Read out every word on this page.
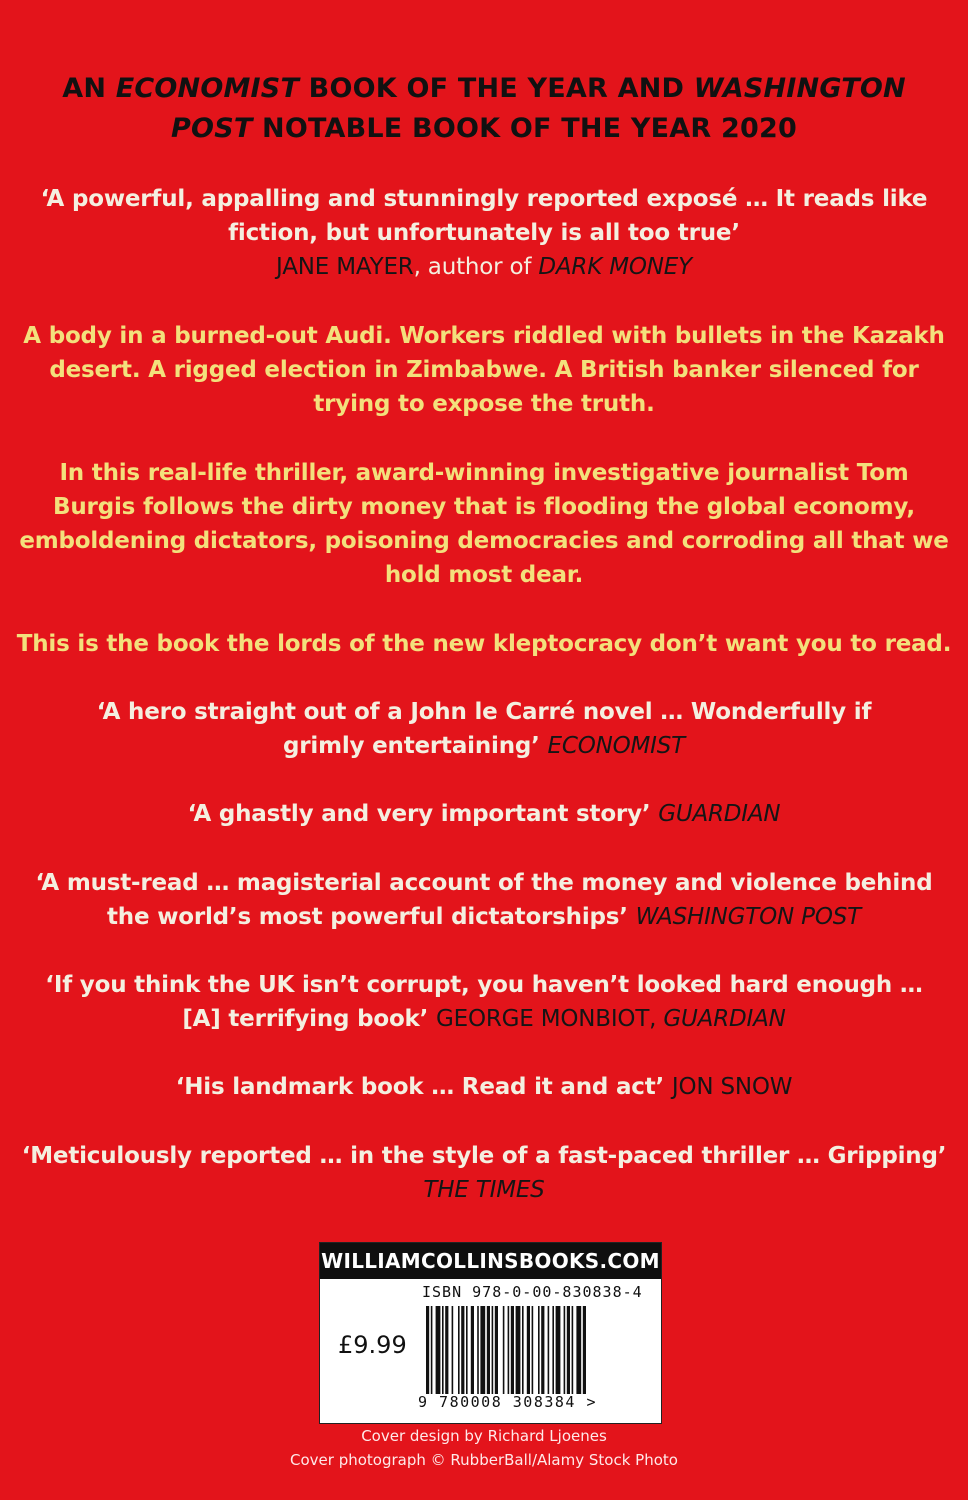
AN ECONOMIST BOOK OF THE YEAR AND WASHINGTON
POST NOTABLE BOOK OF THE YEAR 2020
‘A powerful, appalling and stunningly reported exposé … It reads like
fiction, but unfortunately is all too true’
JANE MAYER, author of DARK MONEY
A body in a burned-out Audi. Workers riddled with bullets in the Kazakh
desert. A rigged election in Zimbabwe. A British banker silenced for
trying to expose the truth.
In this real-life thriller, award-winning investigative journalist Tom
Burgis follows the dirty money that is flooding the global economy,
emboldening dictators, poisoning democracies and corroding all that we
hold most dear.
This is the book the lords of the new kleptocracy don’t want you to read.
‘A hero straight out of a John le Carré novel … Wonderfully if
grimly entertaining’ ECONOMIST
‘A ghastly and very important story’ GUARDIAN
‘A must-read … magisterial account of the money and violence behind
the world’s most powerful dictatorships’ WASHINGTON POST
‘If you think the UK isn’t corrupt, you haven’t looked hard enough …
[A] terrifying book’ GEORGE MONBIOT, GUARDIAN
‘His landmark book … Read it and act’ JON SNOW
‘Meticulously reported … in the style of a fast-paced thriller … Gripping’
THE TIMES
WILLIAMCOLLINSBOOKS.COM
ISBN 978-0-00-830838-4
£9.99
9 780008 308384 >
Cover design by Richard Ljoenes
Cover photograph © RubberBall/Alamy Stock Photo
